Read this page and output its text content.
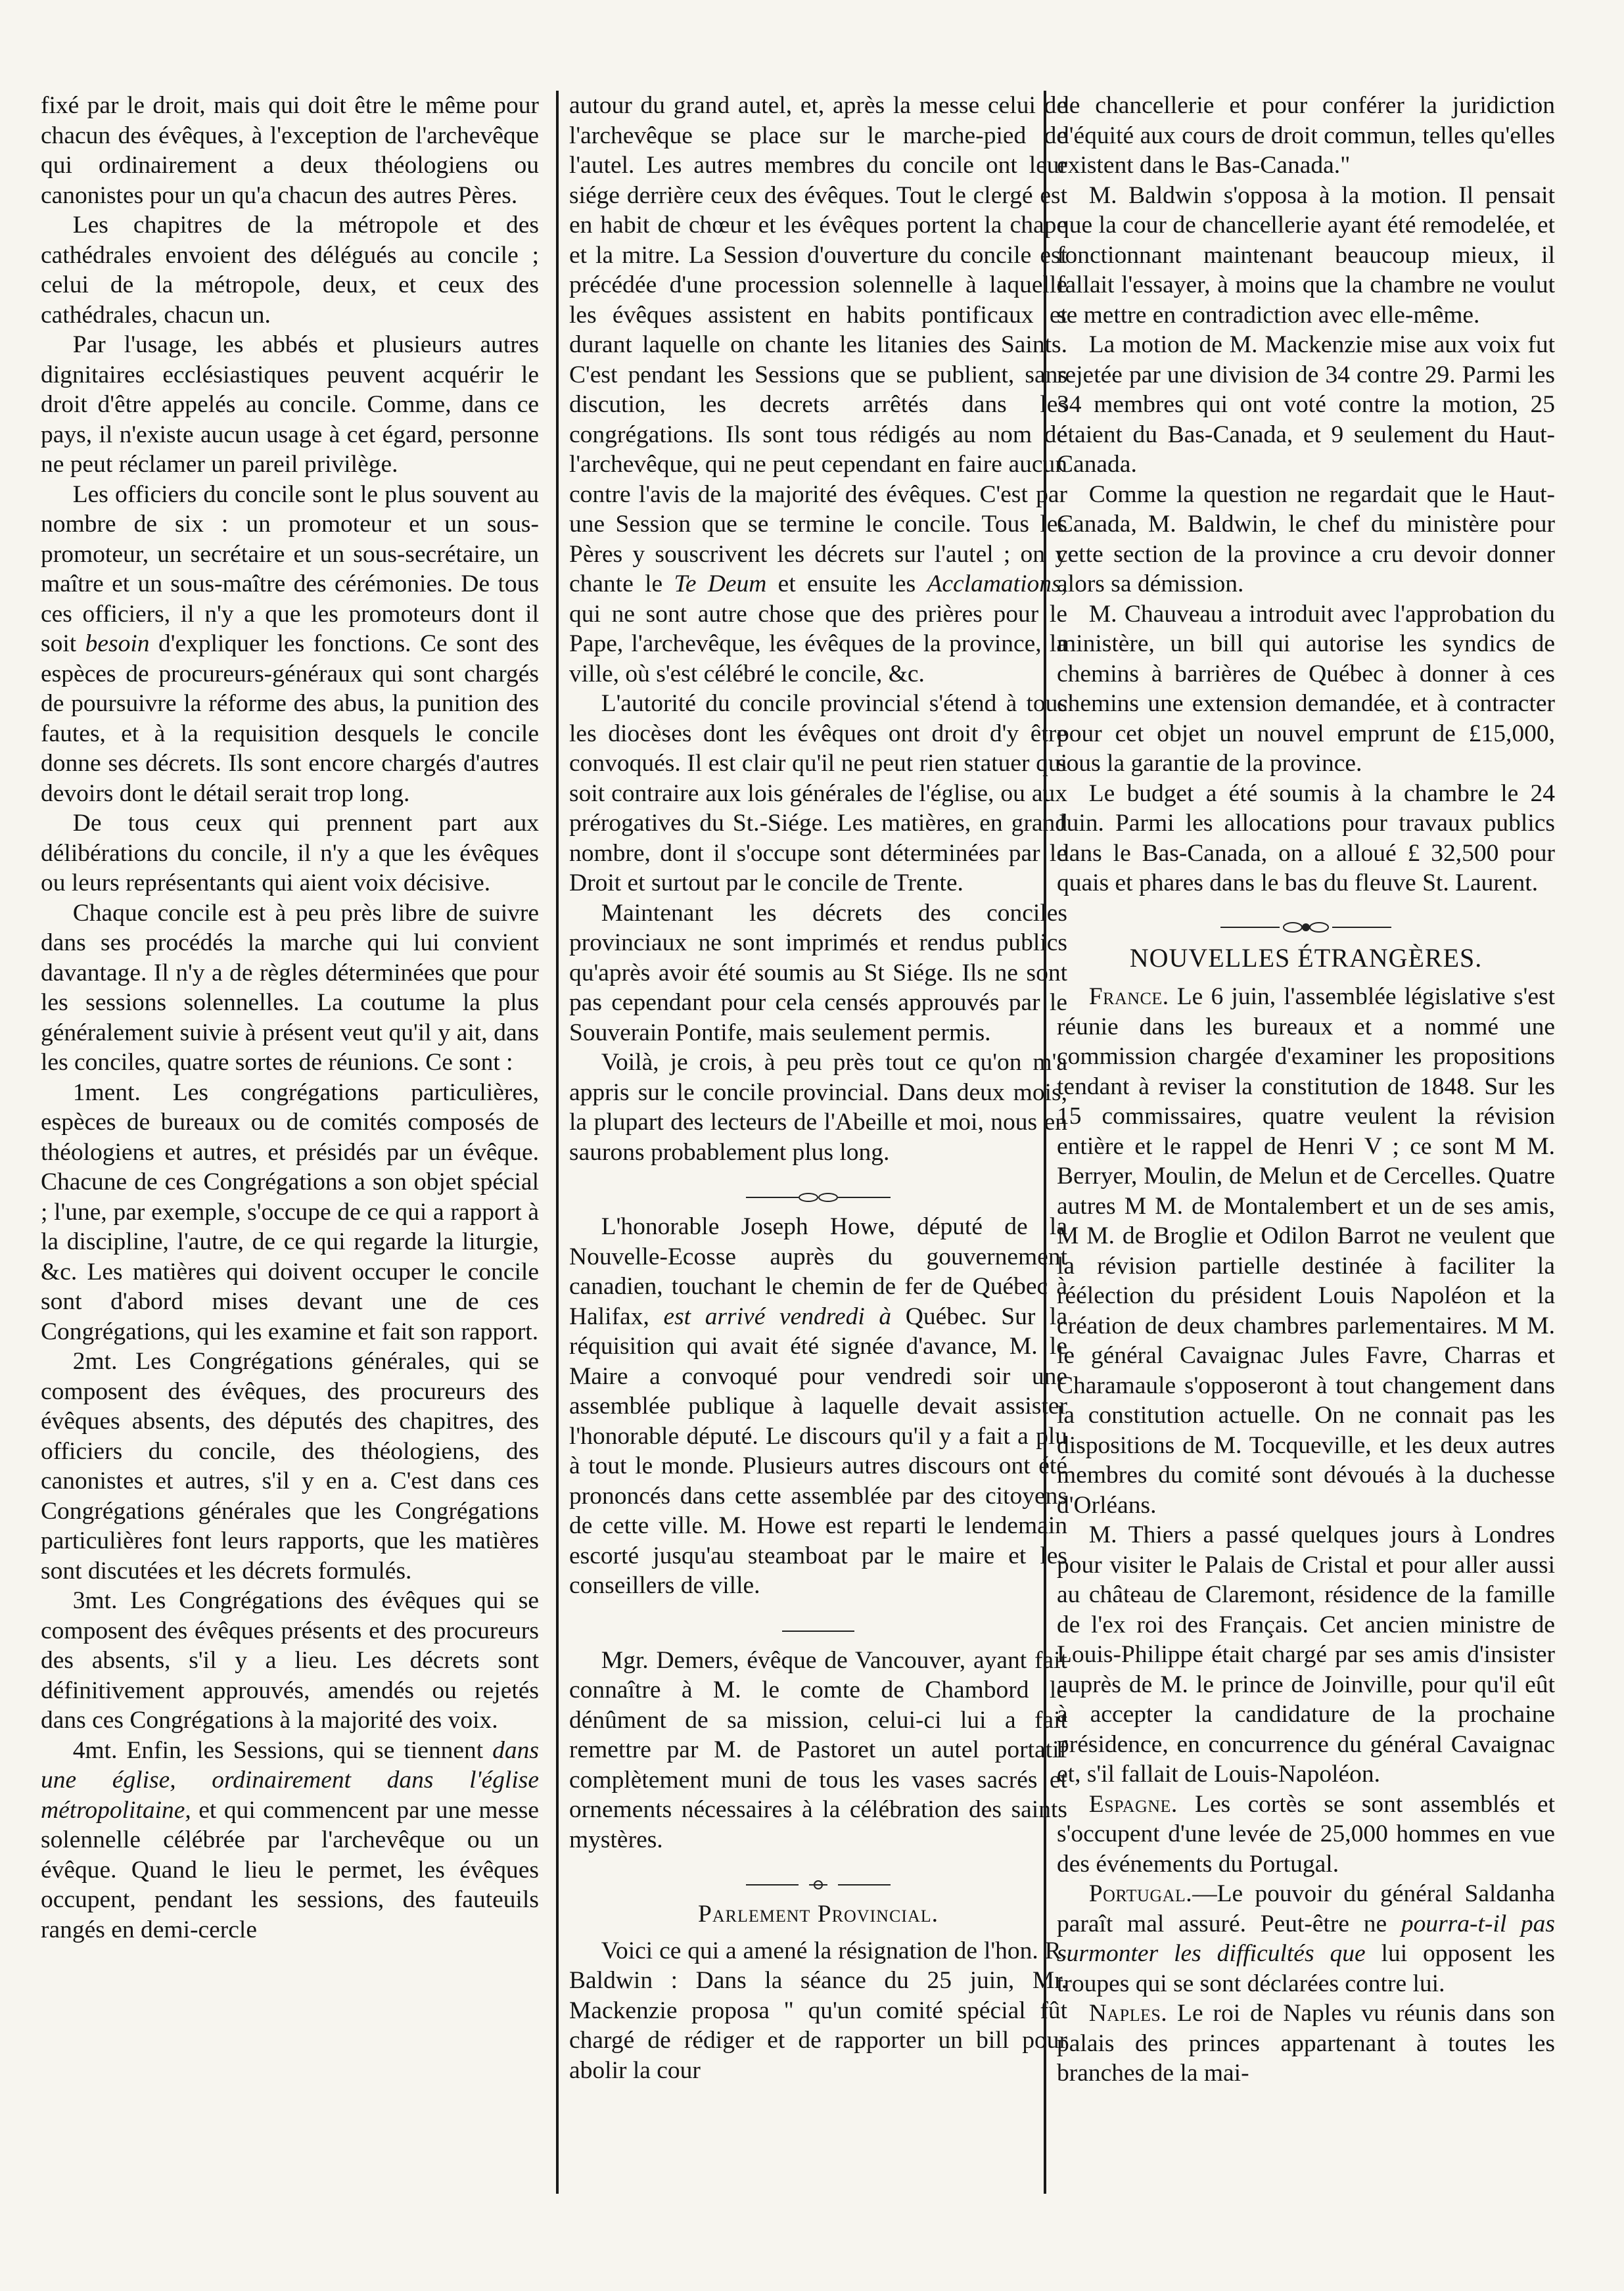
fixé par le droit, mais qui doit être le même pour chacun des évêques, à l'exception de l'archevêque qui ordinairement a deux théologiens ou canonistes pour un qu'a chacun des autres Pères.

Les chapitres de la métropole et des cathédrales envoient des délégués au concile ; celui de la métropole, deux, et ceux des cathédrales, chacun un.

Par l'usage, les abbés et plusieurs autres dignitaires ecclésiastiques peuvent acquérir le droit d'être appelés au concile. Comme, dans ce pays, il n'existe aucun usage à cet égard, personne ne peut réclamer un pareil privilège.

Les officiers du concile sont le plus souvent au nombre de six : un promoteur et un sous-promoteur, un secrétaire et un sous-secrétaire, un maître et un sous-maître des cérémonies. De tous ces officiers, il n'y a que les promoteurs dont il soit besoin d'expliquer les fonctions. Ce sont des espèces de procureurs-généraux qui sont chargés de poursuivre la réforme des abus, la punition des fautes, et à la requisition desquels le concile donne ses décrets. Ils sont encore chargés d'autres devoirs dont le détail serait trop long.

De tous ceux qui prennent part aux délibérations du concile, il n'y a que les évêques ou leurs représentants qui aient voix décisive.

Chaque concile est à peu près libre de suivre dans ses procédés la marche qui lui convient davantage. Il n'y a de règles déterminées que pour les sessions solennelles. La coutume la plus généralement suivie à présent veut qu'il y ait, dans les conciles, quatre sortes de réunions. Ce sont :

1ment. Les congrégations particulières, espèces de bureaux ou de comités composés de théologiens et autres, et présidés par un évêque. Chacune de ces Congrégations a son objet spécial ; l'une, par exemple, s'occupe de ce qui a rapport à la discipline, l'autre, de ce qui regarde la liturgie, &c. Les matières qui doivent occuper le concile sont d'abord mises devant une de ces Congrégations, qui les examine et fait son rapport.

2mt. Les Congrégations générales, qui se composent des évêques, des procureurs des évêques absents, des députés des chapitres, des officiers du concile, des théologiens, des canonistes et autres, s'il y en a. C'est dans ces Congrégations générales que les Congrégations particulières font leurs rapports, que les matières sont discutées et les décrets formulés.

3mt. Les Congrégations des évêques qui se composent des évêques présents et des procureurs des absents, s'il y a lieu. Les décrets sont définitivement approuvés, amendés ou rejetés dans ces Congrégations à la majorité des voix.

4mt. Enfin, les Sessions, qui se tiennent dans une église, ordinairement dans l'église métropolitaine, et qui commencent par une messe solennelle célébrée par l'archevêque ou un évêque. Quand le lieu le permet, les évêques occupent, pendant les sessions, des fauteuils rangés en demi-cercle

autour du grand autel, et, après la messe celui de l'archevêque se place sur le marche-pied de l'autel. Les autres membres du concile ont leur siége derrière ceux des évêques. Tout le clergé est en habit de chœur et les évêques portent la chape et la mitre. La Session d'ouverture du concile est précédée d'une procession solennelle à laquelle les évêques assistent en habits pontificaux et durant laquelle on chante les litanies des Saints. C'est pendant les Sessions que se publient, sans discution, les decrets arrêtés dans les congrégations. Ils sont tous rédigés au nom de l'archevêque, qui ne peut cependant en faire aucun contre l'avis de la majorité des évêques. C'est par une Session que se termine le concile. Tous les Pères y souscrivent les décrets sur l'autel ; on y chante le Te Deum et ensuite les Acclamations, qui ne sont autre chose que des prières pour le Pape, l'archevêque, les évêques de la province, la ville, où s'est célébré le concile, &c.

L'autorité du concile provincial s'étend à tous les diocèses dont les évêques ont droit d'y être convoqués. Il est clair qu'il ne peut rien statuer qui soit contraire aux lois générales de l'église, ou aux prérogatives du St.-Siége. Les matières, en grand nombre, dont il s'occupe sont déterminées par le Droit et surtout par le concile de Trente.

Maintenant les décrets des conciles provinciaux ne sont imprimés et rendus publics qu'après avoir été soumis au St Siége. Ils ne sont pas cependant pour cela censés approuvés par le Souverain Pontife, mais seulement permis.

Voilà, je crois, à peu près tout ce qu'on m'a appris sur le concile provincial. Dans deux mois, la plupart des lecteurs de l'Abeille et moi, nous en saurons probablement plus long.

L'honorable Joseph Howe, député de la Nouvelle-Ecosse auprès du gouvernement canadien, touchant le chemin de fer de Québec à Halifax, est arrivé vendredi à Québec. Sur la réquisition qui avait été signée d'avance, M. le Maire a convoqué pour vendredi soir une assemblée publique à laquelle devait assister l'honorable député. Le discours qu'il y a fait a plu à tout le monde. Plusieurs autres discours ont été prononcés dans cette assemblée par des citoyens de cette ville. M. Howe est reparti le lendemain escorté jusqu'au steamboat par le maire et les conseillers de ville.

Mgr. Demers, évêque de Vancouver, ayant fait connaître à M. le comte de Chambord le dénûment de sa mission, celui-ci lui a fait remettre par M. de Pastoret un autel portatif complètement muni de tous les vases sacrés et ornements nécessaires à la célébration des saints mystères.

Parlement Provincial.

Voici ce qui a amené la résignation de l'hon. R. Baldwin : Dans la séance du 25 juin, Mr. Mackenzie proposa " qu'un comité spécial fût chargé de rédiger et de rapporter un bill pour abolir la cour

de chancellerie et pour conférer la juridiction d'équité aux cours de droit commun, telles qu'elles existent dans le Bas-Canada."

M. Baldwin s'opposa à la motion. Il pensait que la cour de chancellerie ayant été remodelée, et fonctionnant maintenant beaucoup mieux, il fallait l'essayer, à moins que la chambre ne voulut se mettre en contradiction avec elle-même.

La motion de M. Mackenzie mise aux voix fut rejetée par une division de 34 contre 29. Parmi les 34 membres qui ont voté contre la motion, 25 étaient du Bas-Canada, et 9 seulement du Haut-Canada.

Comme la question ne regardait que le Haut-Canada, M. Baldwin, le chef du ministère pour cette section de la province a cru devoir donner alors sa démission.

M. Chauveau a introduit avec l'approbation du ministère, un bill qui autorise les syndics de chemins à barrières de Québec à donner à ces chemins une extension demandée, et à contracter pour cet objet un nouvel emprunt de £15,000, sous la garantie de la province.

Le budget a été soumis à la chambre le 24 Juin. Parmi les allocations pour travaux publics dans le Bas-Canada, on a alloué £ 32,500 pour quais et phares dans le bas du fleuve St. Laurent.

NOUVELLES ÉTRANGÈRES.

France. Le 6 juin, l'assemblée législative s'est réunie dans les bureaux et a nommé une commission chargée d'examiner les propositions tendant à reviser la constitution de 1848. Sur les 15 commissaires, quatre veulent la révision entière et le rappel de Henri V ; ce sont M M. Berryer, Moulin, de Melun et de Cercelles. Quatre autres M M. de Montalembert et un de ses amis, M M. de Broglie et Odilon Barrot ne veulent que la révision partielle destinée à faciliter la réélection du président Louis Napoléon et la création de deux chambres parlementaires. M M. le général Cavaignac Jules Favre, Charras et Charamaule s'opposeront à tout changement dans la constitution actuelle. On ne connait pas les dispositions de M. Tocqueville, et les deux autres membres du comité sont dévoués à la duchesse d'Orléans.

M. Thiers a passé quelques jours à Londres pour visiter le Palais de Cristal et pour aller aussi au château de Claremont, résidence de la famille de l'ex roi des Français. Cet ancien ministre de Louis-Philippe était chargé par ses amis d'insister auprès de M. le prince de Joinville, pour qu'il eût à accepter la candidature de la prochaine présidence, en concurrence du général Cavaignac et, s'il fallait de Louis-Napoléon.

Espagne. Les cortès se sont assemblés et s'occupent d'une levée de 25,000 hommes en vue des événements du Portugal.

Portugal.—Le pouvoir du général Saldanha paraît mal assuré. Peut-être ne pourra-t-il pas surmonter les difficultés que lui opposent les troupes qui se sont déclarées contre lui.

Naples. Le roi de Naples vu réunis dans son palais des princes appartenant à toutes les branches de la mai-
